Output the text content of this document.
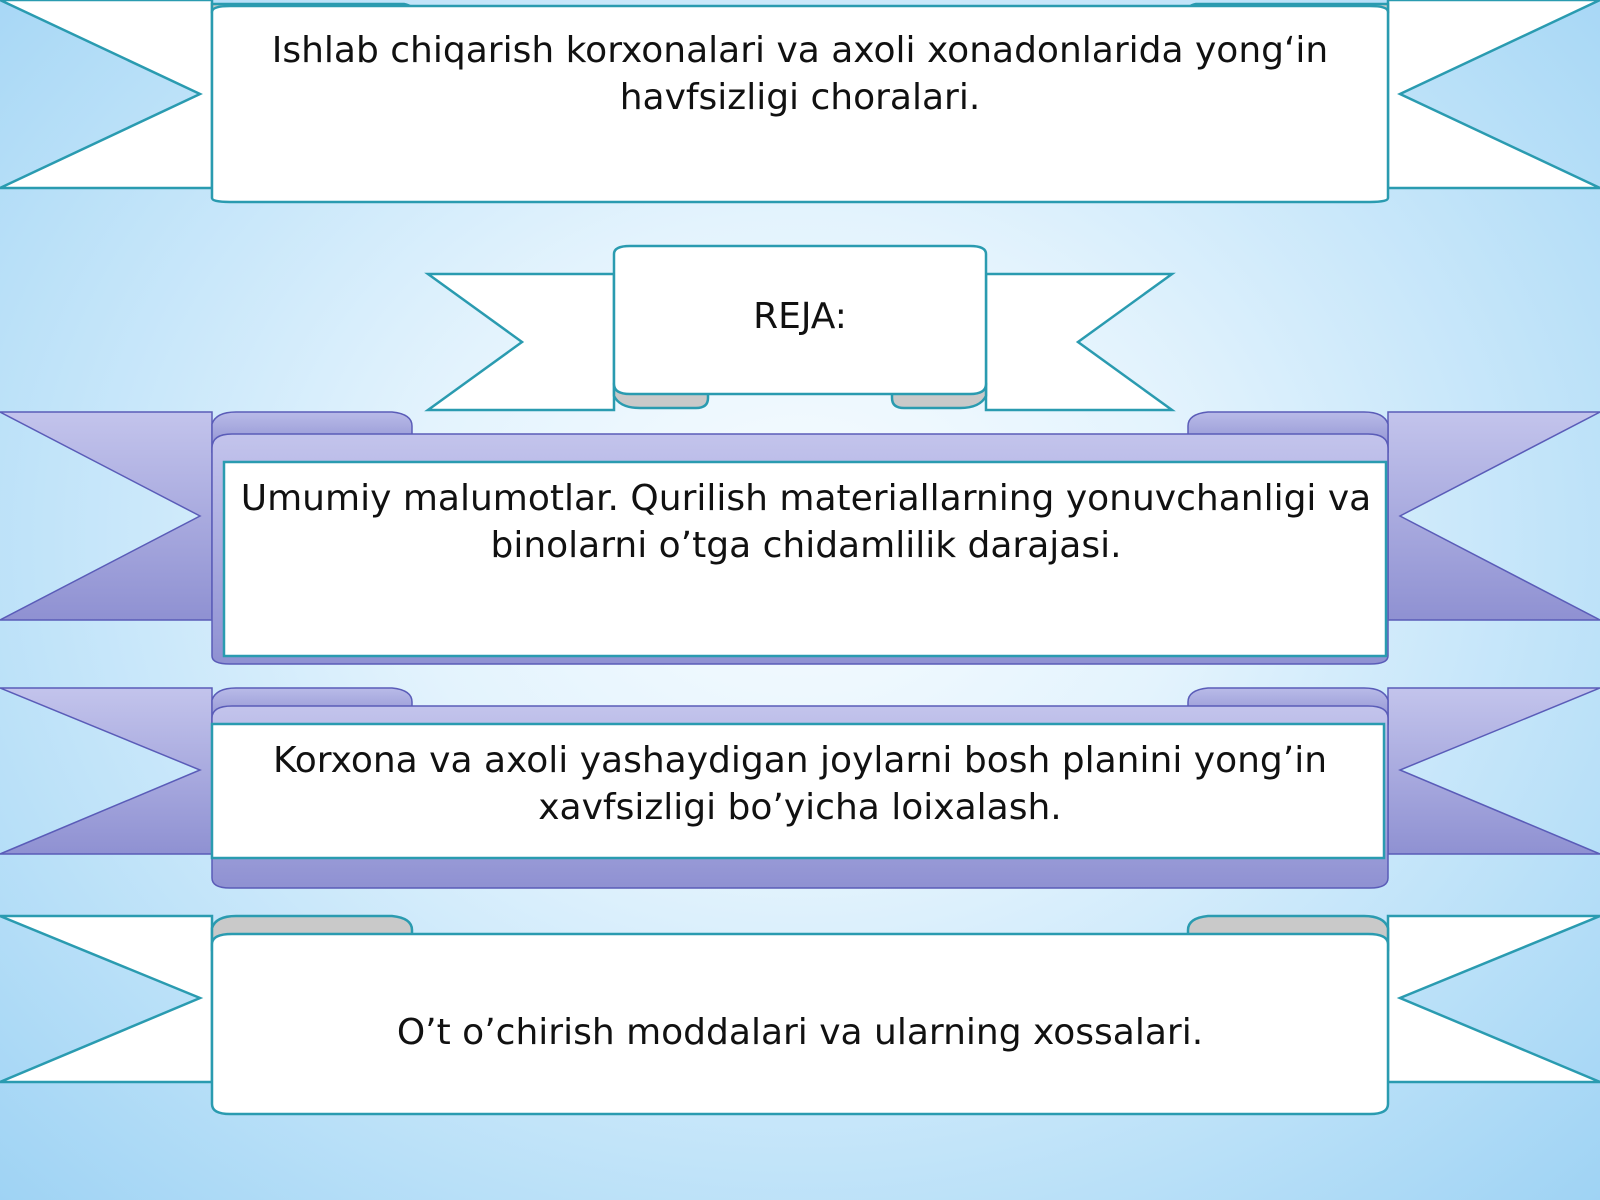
Ishlab chiqarish korxonalari va axoli xonadonlarida yong‘in havfsizligi choralari.
REJA:
Umumiy malumotlar. Qurilish materiallarning yonuvchanligi va binolarni o’tga chidamlilik darajasi.
Korxona va axoli yashaydigan joylarni bosh planini yong’in xavfsizligi bo’yicha loixalash.
O’t o’chirish moddalari va ularning xossalari.
